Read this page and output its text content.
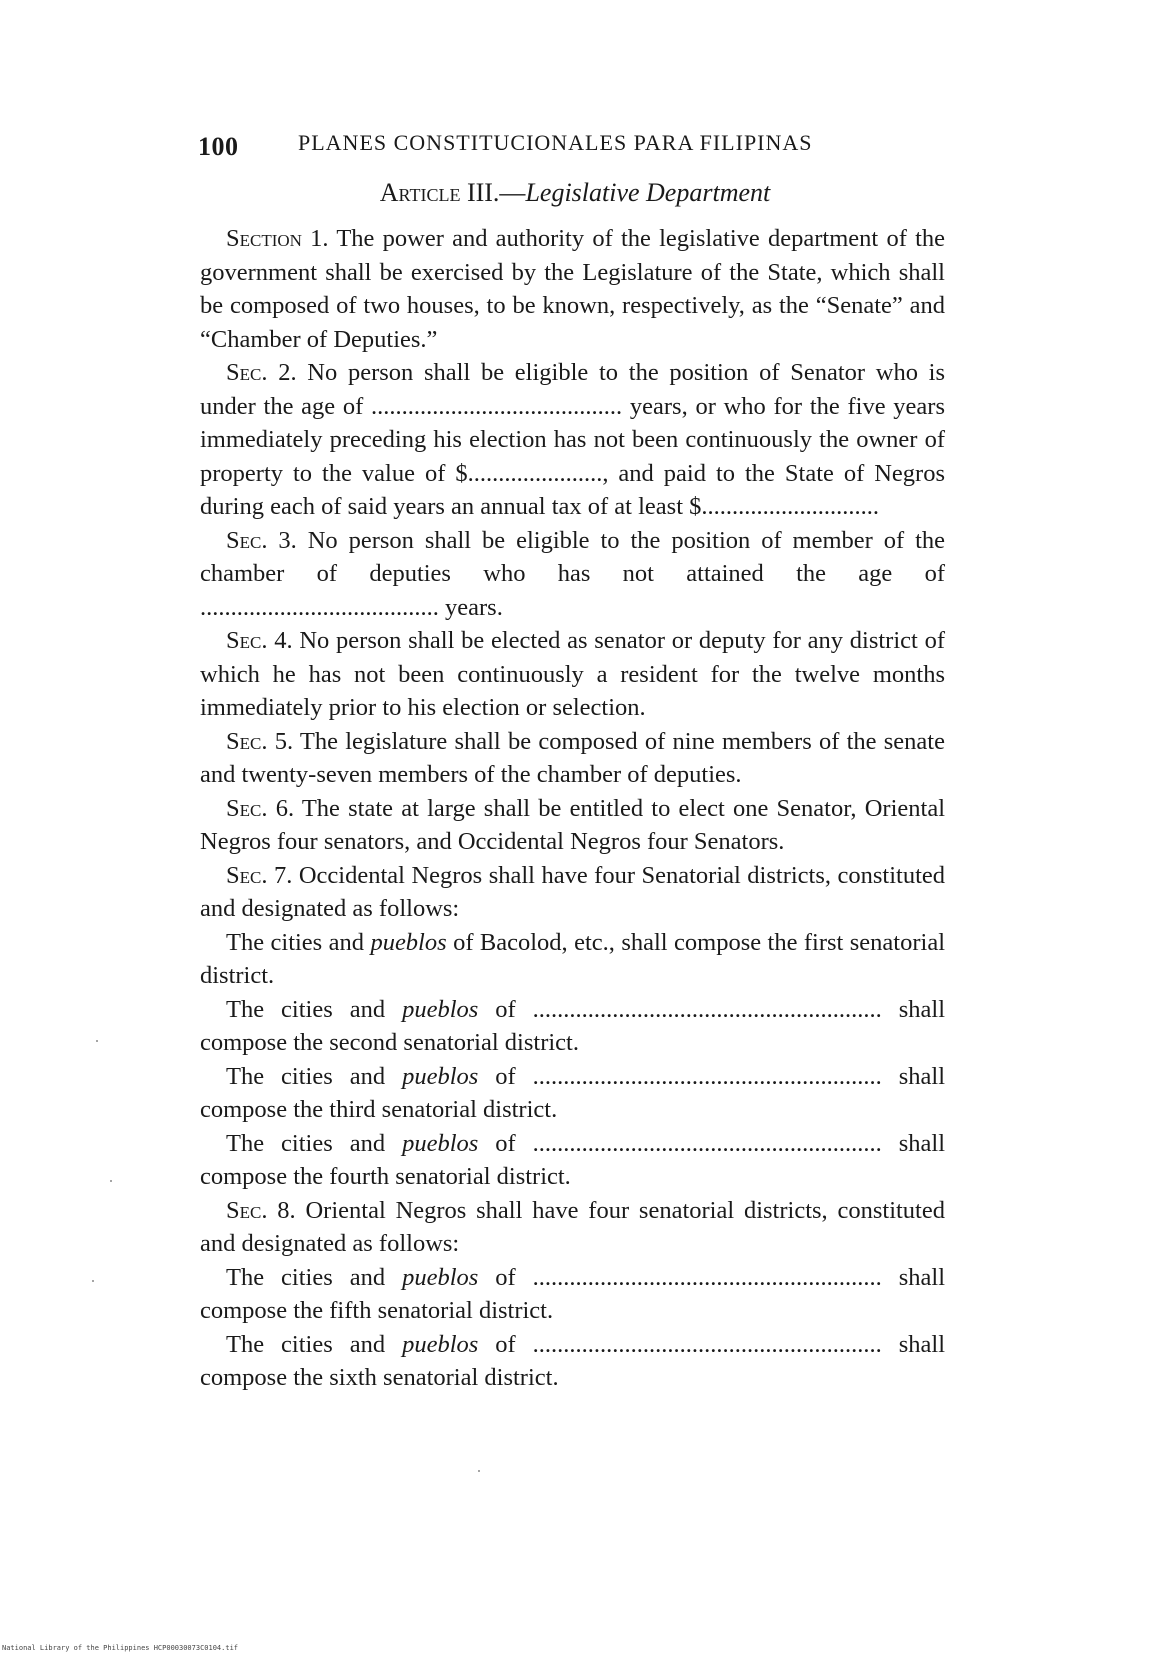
100	PLANES CONSTITUCIONALES PARA FILIPINAS
Article III.—Legislative Department

Section 1. The power and authority of the legislative department of the government shall be exercised by the Legislature of the State, which shall be composed of two houses, to be known, respectively, as the “Senate” and “Chamber of Deputies.”

Sec. 2. No person shall be eligible to the position of Senator who is under the age of ......................................... years, or who for the five years immediately preceding his election has not been continuously the owner of property to the value of $......................, and paid to the State of Negros during each of said years an annual tax of at least $.............................

Sec. 3. No person shall be eligible to the position of member of the chamber of deputies who has not attained the age of ....................................... years.

Sec. 4. No person shall be elected as senator or deputy for any district of which he has not been continuously a resident for the twelve months immediately prior to his election or selection.

Sec. 5. The legislature shall be composed of nine members of the senate and twenty-seven members of the chamber of deputies.

Sec. 6. The state at large shall be entitled to elect one Senator, Oriental Negros four senators, and Occidental Negros four Senators.

Sec. 7. Occidental Negros shall have four Senatorial districts, constituted and designated as follows:

The cities and pueblos of Bacolod, etc., shall compose the first senatorial district.

The cities and pueblos of ......................................................... shall compose the second senatorial district.

The cities and pueblos of ......................................................... shall compose the third senatorial district.

The cities and pueblos of ......................................................... shall compose the fourth senatorial district.

Sec. 8. Oriental Negros shall have four senatorial districts, constituted and designated as follows:

The cities and pueblos of ......................................................... shall compose the fifth senatorial district.

The cities and pueblos of ......................................................... shall compose the sixth senatorial district.

National Library of the Philippines HCP00030073C0104.tif
